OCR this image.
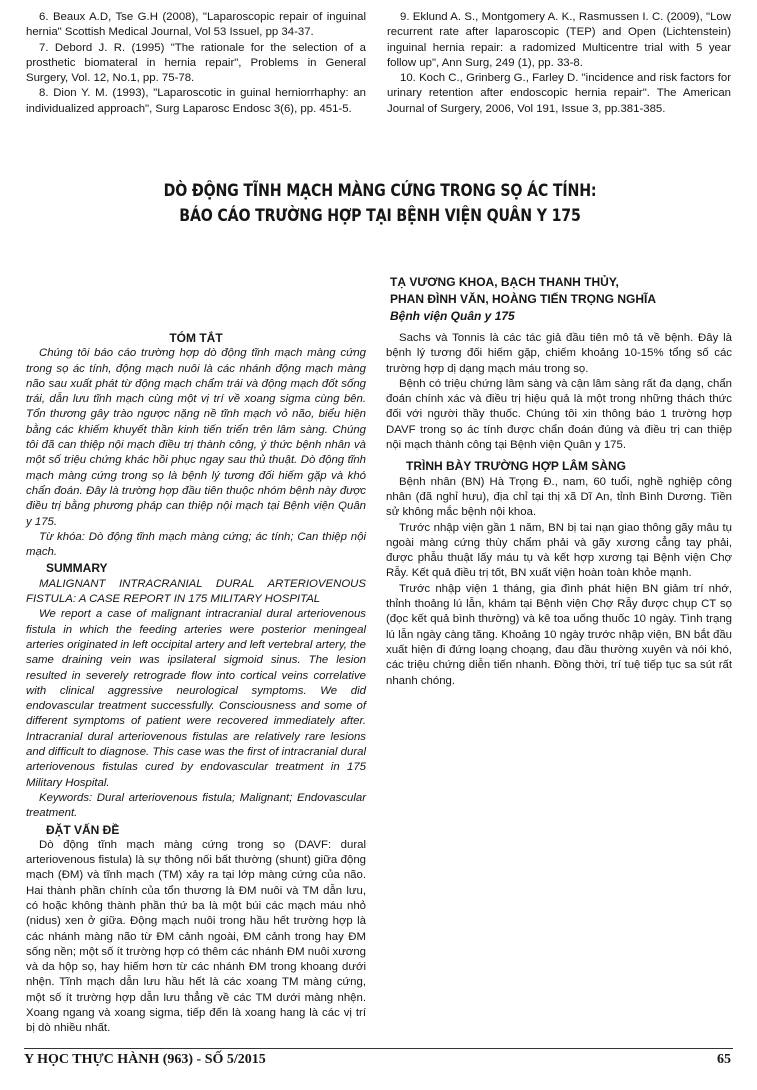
6. Beaux A.D, Tse G.H (2008), "Laparoscopic repair of inguinal hernia" Scottish Medical Journal, Vol 53 Issuel, pp 34-37.

7. Debord J. R. (1995) "The rationale for the selection of a prosthetic biomateral in hernia repair", Problems in General Surgery, Vol. 12, No.1, pp. 75-78.

8. Dion Y. M. (1993), "Laparoscotic in guinal herniorrhaphy: an individualized approach", Surg Laparosc Endosc 3(6), pp. 451-5.

9. Eklund A. S., Montgomery A. K., Rasmussen I. C. (2009), "Low recurrent rate after laparoscopic (TEP) and Open (Lichtenstein) inguinal hernia repair: a radomized Multicentre trial with 5 year follow up", Ann Surg, 249 (1), pp. 33-8.

10. Koch C., Grinberg G., Farley D. "incidence and risk factors for urinary retention after endoscopic hernia repair". The American Journal of Surgery, 2006, Vol 191, Issue 3, pp.381-385.

DÒ ĐỘNG TĨNH MẠCH MÀNG CỨNG TRONG SỌ ÁC TÍNH:
BÁO CÁO TRƯỜNG HỢP TẠI BỆNH VIỆN QUÂN Y 175
TẠ VƯƠNG KHOA, BẠCH THANH THỦY,
PHAN ĐÌNH VĂN, HOÀNG TIẾN TRỌNG NGHĨA
Bệnh viện Quân y 175
TÓM TẮT

Chúng tôi báo cáo trường hợp dò động tĩnh mạch màng cứng trong sọ ác tính, động mạch nuôi là các nhánh động mạch màng não sau xuất phát từ động mạch chẩm trái và động mạch đốt sống trái, dẫn lưu tĩnh mạch cùng một vị trí về xoang sigma cùng bên. Tổn thương gây trào ngược nặng nề tĩnh mạch vỏ não, biểu hiện bằng các khiếm khuyết thần kinh tiến triển trên lâm sàng. Chúng tôi đã can thiệp nội mạch điều trị thành công, ý thức bệnh nhân và một số triệu chứng khác hồi phục ngay sau thủ thuật. Dò động tĩnh mạch màng cứng trong sọ là bệnh lý tương đối hiếm gặp và khó chẩn đoán. Đây là trường hợp đầu tiên thuộc nhóm bệnh này được điều trị bằng phương pháp can thiệp nội mạch tại Bệnh viện Quân y 175.

Từ khóa: Dò động tĩnh mạch màng cứng; ác tính; Can thiệp nội mạch.

SUMMARY

MALIGNANT INTRACRANIAL DURAL ARTERIOVENOUS FISTULA: A CASE REPORT IN 175 MILITARY HOSPITAL

We report a case of malignant intracranial dural arteriovenous fistula in which the feeding arteries were posterior meningeal arteries originated in left occipital artery and left vertebral artery, the same draining vein was ipsilateral sigmoid sinus. The lesion resulted in severely retrograde flow into cortical veins correlative with clinical aggressive neurological symptoms. We did endovascular treatment successfully. Consciousness and some of different symptoms of patient were recovered immediately after. Intracranial dural arteriovenous fistulas are relatively rare lesions and difficult to diagnose. This case was the first of intracranial dural arteriovenous fistulas cured by endovascular treatment in 175 Military Hospital.

Keywords: Dural arteriovenous fistula; Malignant; Endovascular treatment.

ĐẶT VẤN ĐỀ

Dò động tĩnh mạch màng cứng trong sọ (DAVF: dural arteriovenous fistula) là sự thông nối bất thường (shunt) giữa động mạch (ĐM) và tĩnh mạch (TM) xảy ra tại lớp màng cứng của não. Hai thành phần chính của tổn thương là ĐM nuôi và TM dẫn lưu, có hoặc không thành phần thứ ba là một búi các mạch máu nhỏ (nidus) xen ở giữa. Động mạch nuôi trong hầu hết trường hợp là các nhánh màng não từ ĐM cảnh ngoài, ĐM cảnh trong hay ĐM sống nền; một số ít trường hợp có thêm các nhánh ĐM nuôi xương và da hộp sọ, hay hiếm hơn từ các nhánh ĐM trong khoang dưới nhện. Tĩnh mạch dẫn lưu hầu hết là các xoang TM màng cứng, một số ít trường hợp dẫn lưu thẳng về các TM dưới màng nhện. Xoang ngang và xoang sigma, tiếp đến là xoang hang là các vị trí bị dò nhiều nhất.

Sachs và Tonnis là các tác giả đầu tiên mô tả về bệnh. Đây là bệnh lý tương đối hiếm gặp, chiếm khoảng 10-15% tổng số các trường hợp dị dạng mạch máu trong sọ.

Bệnh có triệu chứng lâm sàng và cận lâm sàng rất đa dạng, chẩn đoán chính xác và điều trị hiệu quả là một trong những thách thức đối với người thầy thuốc. Chúng tôi xin thông báo 1 trường hợp DAVF trong sọ ác tính được chẩn đoán đúng và điều trị can thiệp nội mạch thành công tại Bệnh viện Quân y 175.

TRÌNH BÀY TRƯỜNG HỢP LÂM SÀNG

Bệnh nhân (BN) Hà Trọng Đ., nam, 60 tuổi, nghề nghiệp công nhân (đã nghỉ hưu), địa chỉ tại thị xã Dĩ An, tỉnh Bình Dương. Tiền sử không mắc bệnh nội khoa.

Trước nhập viện gần 1 năm, BN bị tai nạn giao thông gãy mâu tụ ngoài màng cứng thùy chẩm phải và gãy xương cẳng tay phải, được phẫu thuật lấy máu tụ và kết hợp xương tại Bệnh viện Chợ Rẫy. Kết quả điều trị tốt, BN xuất viện hoàn toàn khỏe mạnh.

Trước nhập viện 1 tháng, gia đình phát hiện BN giảm trí nhớ, thỉnh thoảng lú lẫn, khám tại Bệnh viện Chợ Rẫy được chụp CT sọ (đọc kết quả bình thường) và kê toa uống thuốc 10 ngày. Tình trạng lú lẫn ngày càng tăng. Khoảng 10 ngày trước nhập viện, BN bắt đầu xuất hiện đi đứng loạng choạng, đau đầu thường xuyên và nói khó, các triệu chứng diễn tiến nhanh. Đồng thời, trí tuệ tiếp tục sa sút rất nhanh chóng.

Y HỌC THỰC HÀNH (963) - SỐ 5/2015	65
